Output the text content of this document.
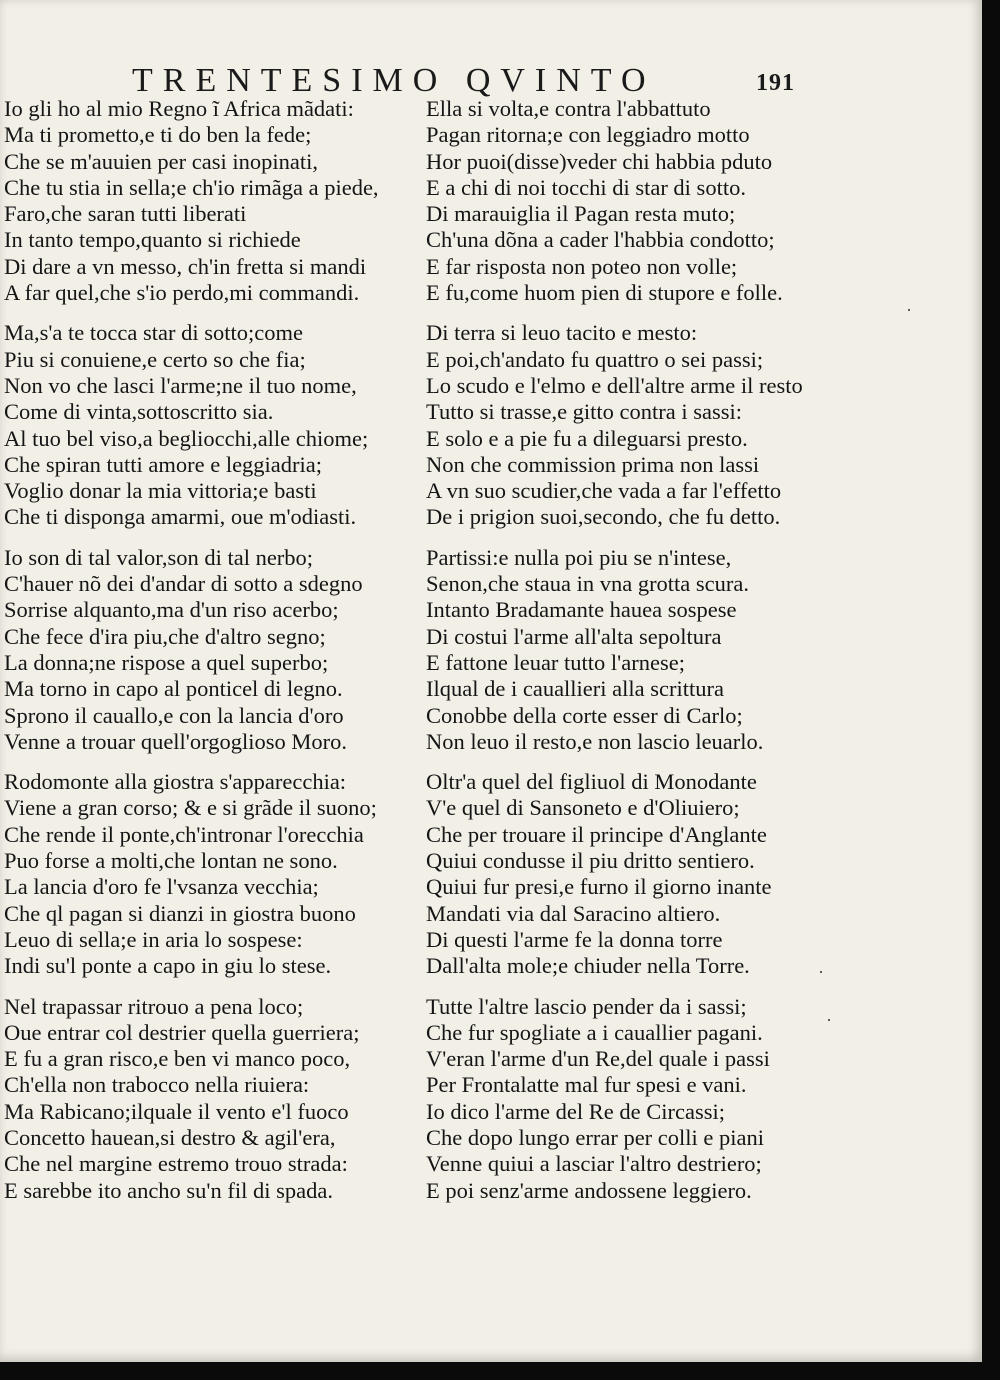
TRENTESIMO QVINTO	191
Io gli ho al mio Regno ĩ Africa mãdati:
Ma ti prometto,e ti do ben la fede;
Che se m'auuien per casi inopinati,
Che tu stia in sella;e ch'io rimãga a piede,
Faro,che saran tutti liberati
In tanto tempo,quanto si richiede
Di dare a vn messo, ch'in fretta si mandi
A far quel,che s'io perdo,mi commandi.
Ma,s'a te tocca star di sotto;come
Piu si conuiene,e certo so che fia;
Non vo che lasci l'arme;ne il tuo nome,
Come di vinta,sottoscritto sia.
Al tuo bel viso,a begliocchi,alle chiome;
Che spiran tutti amore e leggiadria;
Voglio donar la mia vittoria;e basti
Che ti dispongа amarmi, oue m'odiasti.
Io son di tal valor,son di tal nerbo;
C'hauer nõ dei d'andar di sotto a sdegno
Sorrise alquanto,ma d'un riso acerbo;
Che fece d'ira piu,che d'altro segno;
La donna;ne rispose a quel superbo;
Ma torno in capo al ponticel di legno.
Sprono il cauallo,e con la lancia d'oro
Venne a trouar quell'orgoglioso Moro.
Rodomonte alla giostra s'apparecchia:
Viene a gran corso; & e si grãde il suono;
Che rende il ponte,ch'intronar l'orecchia
Puo forse a molti,che lontan ne sono.
La lancia d'oro fe l'vsanza vecchia;
Che ql pagan si dianzi in giostra buono
Leuo di sella;e in aria lo sospese:
Indi su'l ponte a capo in giu lo stese.
Nel trapassar ritrouo a pena loco;
Oue entrar col destrier quella guerriera;
E fu a gran risco,e ben vi manco poco,
Ch'ella non trabocco nella riuiera:
Ma Rabicano;ilquale il vento e'l fuoco
Concetto hauean,si destro & agil'era,
Che nel margine estremo trouo strada:
E sarebbe ito ancho su'n fil di spada.
Ella si volta,e contra l'abbattuto
Pagan ritorna;e con leggiadro motto
Hor puoi(disse)veder chi habbia pduto
E a chi di noi tocchi di star di sotto.
Di marauiglia il Pagan resta muto;
Ch'una dõna a cader l'habbia condotto;
E far risposta non poteo non volle;
E fu,come huom pien di stupore e folle.
Di terra si leuo tacito e mesto:
E poi,ch'andato fu quattro o sei passi;
Lo scudo e l'elmo e dell'altre arme il resto
Tutto si trasse,e gitto contra i sassi:
E solo e a pie fu a dileguarsi presto.
Non che commission prima non lassi
A vn suo scudier,che vada a far l'effetto
De i prigion suoi,secondo, che fu detto.
Partissi:e nulla poi piu se n'intese,
Senon,che staua in vna grotta scura.
Intanto Bradamante hauea sospese
Di costui l'arme all'alta sepoltura
E fattone leuar tutto l'arnese;
Ilqual de i cauallieri alla scrittura
Conobbe della corte esser di Carlo;
Non leuo il resto,e non lascio leuarlo.
Oltr'a quel del figliuol di Monodante
V'e quel di Sansoneto e d'Oliuiero;
Che per trouare il principe d'Anglante
Quiui condusse il piu dritto sentiero.
Quiui fur presi,e furno il giorno inante
Mandati via dal Saracino altiero.
Di questi l'arme fe la donna torre
Dall'alta mole;e chiuder nella Torre.
Tutte l'altre lascio pender da i sassi;
Che fur spogliate a i cauallier pagani.
V'eran l'arme d'un Re,del quale i passi
Per Frontalatte mal fur spesi e vani.
Io dico l'arme del Re de Circassi;
Che dopo lungo errar per colli e piani
Venne quiui a lasciar l'altro destriero;
E poi senz'arme andossene leggiero.
·
·
·
